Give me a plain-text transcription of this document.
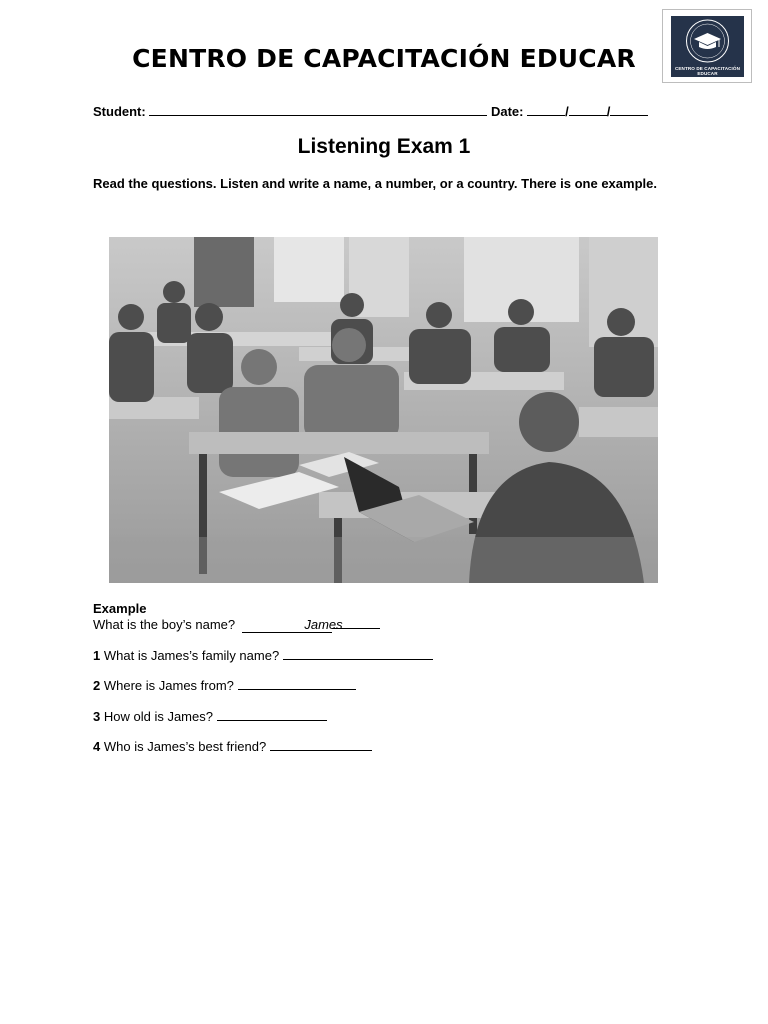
CENTRO DE CAPACITACIÓN EDUCAR
CENTRO DE CAPACITACIÓN EDUCAR
Student:	Date:	/	/
Listening Exam 1
Read the questions. Listen and write a name, a number, or a country. There is one example.
Example
What is the boy’s name?	James
1 What is James’s family name?
2 Where is James from?
3 How old is James?
4 Who is James’s best friend?
